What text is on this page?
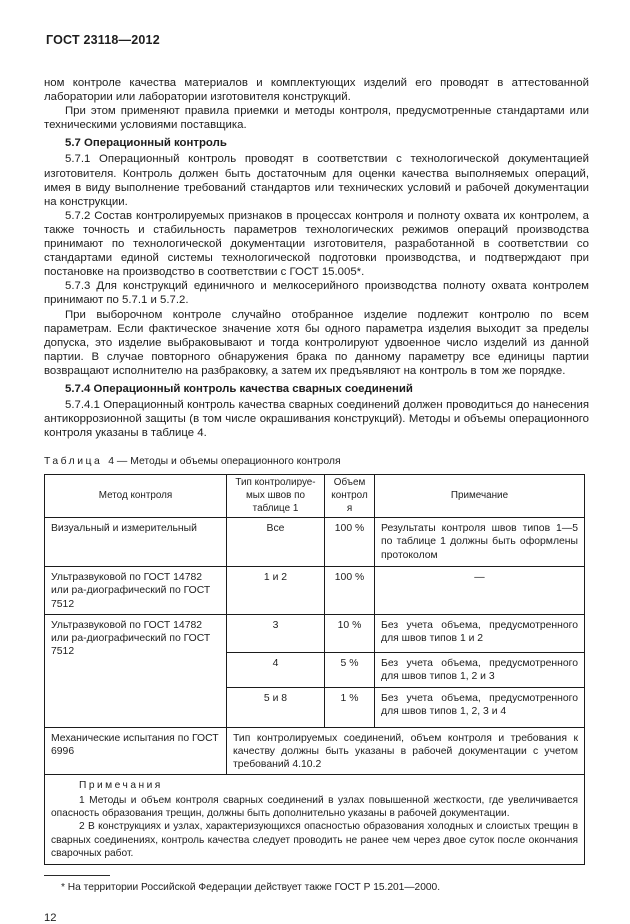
ГОСТ 23118—2012

ном контроле качества материалов и комплектующих изделий его проводят в аттестованной лаборатории или лаборатории изготовителя конструкций.

При этом применяют правила приемки и методы контроля, предусмотренные стандартами или техническими условиями поставщика.

5.7 Операционный контроль

5.7.1 Операционный контроль проводят в соответствии с технологической документацией изготовителя. Контроль должен быть достаточным для оценки качества выполняемых операций, имея в виду выполнение требований стандартов или технических условий и рабочей документации на конструкции.

5.7.2 Состав контролируемых признаков в процессах контроля и полноту охвата их контролем, а также точность и стабильность параметров технологических режимов операций производства принимают по технологической документации изготовителя, разработанной в соответствии со стандартами единой системы технологической подготовки производства, и подтверждают при постановке на производство в соответствии с ГОСТ 15.005*.

5.7.3 Для конструкций единичного и мелкосерийного производства полноту охвата контролем принимают по 5.7.1 и 5.7.2.

При выборочном контроле случайно отобранное изделие подлежит контролю по всем параметрам. Если фактическое значение хотя бы одного параметра изделия выходит за пределы допуска, это изделие выбраковывают и тогда контролируют удвоенное число изделий из данной партии. В случае повторного обнаружения брака по данному параметру все единицы партии возвращают исполнителю на разбраковку, а затем их предъявляют на контроль в том же порядке.

5.7.4 Операционный контроль качества сварных соединений

5.7.4.1 Операционный контроль качества сварных соединений должен проводиться до нанесения антикоррозионной защиты (в том числе окрашивания конструкций). Методы и объемы операционного контроля указаны в таблице 4.

Таблица 4 — Методы и объемы операционного контроля
Метод контроля	Тип контролируе-мых швов по таблице 1	Объем контроля	Примечание
Визуальный и измерительный	Все	100 %	Результаты контроля швов типов 1—5 по таблице 1 должны быть оформлены протоколом
Ультразвуковой по ГОСТ 14782 или ра-диографический по ГОСТ 7512	1 и 2	100 %	—
Ультразвуковой по ГОСТ 14782 или ра-диографический по ГОСТ 7512	3	10 %	Без учета объема, предусмотренного для швов типов 1 и 2
	4	5 %	Без учета объема, предусмотренного для швов типов 1, 2 и 3
	5 и 8	1 %	Без учета объема, предусмотренного для швов типов 1, 2, 3 и 4
Механические испытания по ГОСТ 6996	Тип контролируемых соединений, объем контроля и требования к качеству должны быть указаны в рабочей документации с учетом требований 4.10.2		

Примечания

1 Методы и объем контроля сварных соединений в узлах повышенной жесткости, где увеличивается опасность образования трещин, должны быть дополнительно указаны в рабочей документации.

2 В конструкциях и узлах, характеризующихся опасностью образования холодных и слоистых трещин в сварных соединениях, контроль качества следует проводить не ранее чем через двое суток после окончания сварочных работ.			

* На территории Российской Федерации действует также ГОСТ Р 15.201—2000.

12
